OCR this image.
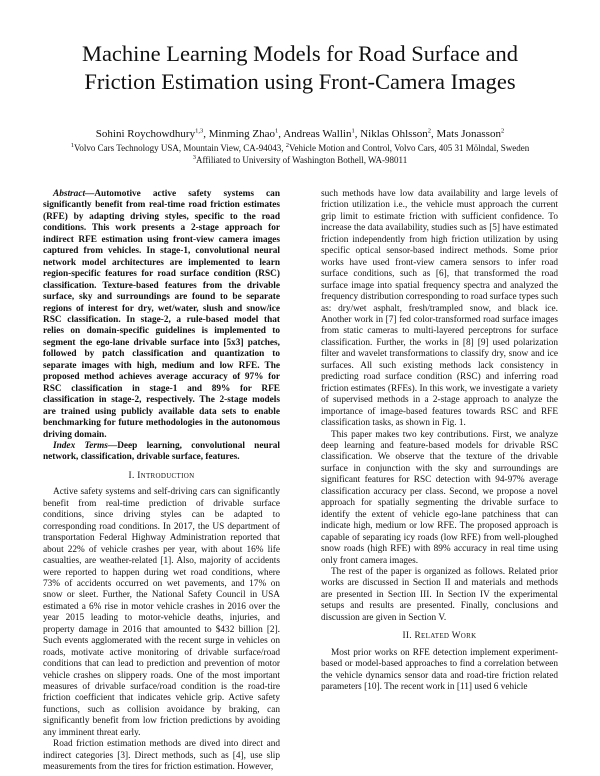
Machine Learning Models for Road Surface and
Friction Estimation using Front-Camera Images
Sohini Roychowdhury$^{1,3}$, Minming Zhao$^1$, Andreas Wallin$^1$, Niklas Ohlsson$^2$, Mats Jonasson$^2$
$^1$Volvo Cars Technology USA, Mountain View, CA-94043, $^2$Vehicle Motion and Control, Volvo Cars, 405 31 Mölndal, Sweden
$^3$Affiliated to University of Washington Bothell, WA-98011

Abstract—Automotive active safety systems can significantly benefit from real-time road friction estimates (RFE) by adapting driving styles, specific to the road conditions. This work presents a 2-stage approach for indirect RFE estimation using front-view camera images captured from vehicles. In stage-1, convolutional neural network model architectures are implemented to learn region-specific features for road surface condition (RSC) classification. Texture-based features from the drivable surface, sky and surroundings are found to be separate regions of interest for dry, wet/water, slush and snow/ice RSC classification. In stage-2, a rule-based model that relies on domain-specific guidelines is implemented to segment the ego-lane drivable surface into [5x3] patches, followed by patch classification and quantization to separate images with high, medium and low RFE. The proposed method achieves average accuracy of 97% for RSC classification in stage-1 and 89% for RFE classification in stage-2, respectively. The 2-stage models are trained using publicly available data sets to enable benchmarking for future methodologies in the autonomous driving domain.

Index Terms—Deep learning, convolutional neural network, classification, drivable surface, features.

I. Introduction

Active safety systems and self-driving cars can significantly benefit from real-time prediction of drivable surface conditions, since driving styles can be adapted to corresponding road conditions. In 2017, the US department of transportation Federal Highway Administration reported that about 22% of vehicle crashes per year, with about 16% life casualties, are weather-related [1]. Also, majority of accidents were reported to happen during wet road conditions, where 73% of accidents occurred on wet pavements, and 17% on snow or sleet. Further, the National Safety Council in USA estimated a 6% rise in motor vehicle crashes in 2016 over the year 2015 leading to motor-vehicle deaths, injuries, and property damage in 2016 that amounted to $432 billion [2]. Such events agglomerated with the recent surge in vehicles on roads, motivate active monitoring of drivable surface/road conditions that can lead to prediction and prevention of motor vehicle crashes on slippery roads. One of the most important measures of drivable surface/road condition is the road-tire friction coefficient that indicates vehicle grip. Active safety functions, such as collision avoidance by braking, can significantly benefit from low friction predictions by avoiding any imminent threat early.

Road friction estimation methods are dived into direct and indirect categories [3]. Direct methods, such as [4], use slip measurements from the tires for friction estimation. However,

such methods have low data availability and large levels of friction utilization i.e., the vehicle must approach the current grip limit to estimate friction with sufficient confidence. To increase the data availability, studies such as [5] have estimated friction independently from high friction utilization by using specific optical sensor-based indirect methods. Some prior works have used front-view camera sensors to infer road surface conditions, such as [6], that transformed the road surface image into spatial frequency spectra and analyzed the frequency distribution corresponding to road surface types such as: dry/wet asphalt, fresh/trampled snow, and black ice. Another work in [7] fed color-transformed road surface images from static cameras to multi-layered perceptrons for surface classification. Further, the works in [8] [9] used polarization filter and wavelet transformations to classify dry, snow and ice surfaces. All such existing methods lack consistency in predicting road surface condition (RSC) and inferring road friction estimates (RFEs). In this work, we investigate a variety of supervised methods in a 2-stage approach to analyze the importance of image-based features towards RSC and RFE classification tasks, as shown in Fig. 1.

This paper makes two key contributions. First, we analyze deep learning and feature-based models for drivable RSC classification. We observe that the texture of the drivable surface in conjunction with the sky and surroundings are significant features for RSC detection with 94-97% average classification accuracy per class. Second, we propose a novel approach for spatially segmenting the drivable surface to identify the extent of vehicle ego-lane patchiness that can indicate high, medium or low RFE. The proposed approach is capable of separating icy roads (low RFE) from well-ploughed snow roads (high RFE) with 89% accuracy in real time using only front camera images.

The rest of the paper is organized as follows. Related prior works are discussed in Section II and materials and methods are presented in Section III. In Section IV the experimental setups and results are presented. Finally, conclusions and discussion are given in Section V.

II. Related Work

Most prior works on RFE detection implement experiment-based or model-based approaches to find a correlation between the vehicle dynamics sensor data and road-tire friction related parameters [10]. The recent work in [11] used 6 vehicle
